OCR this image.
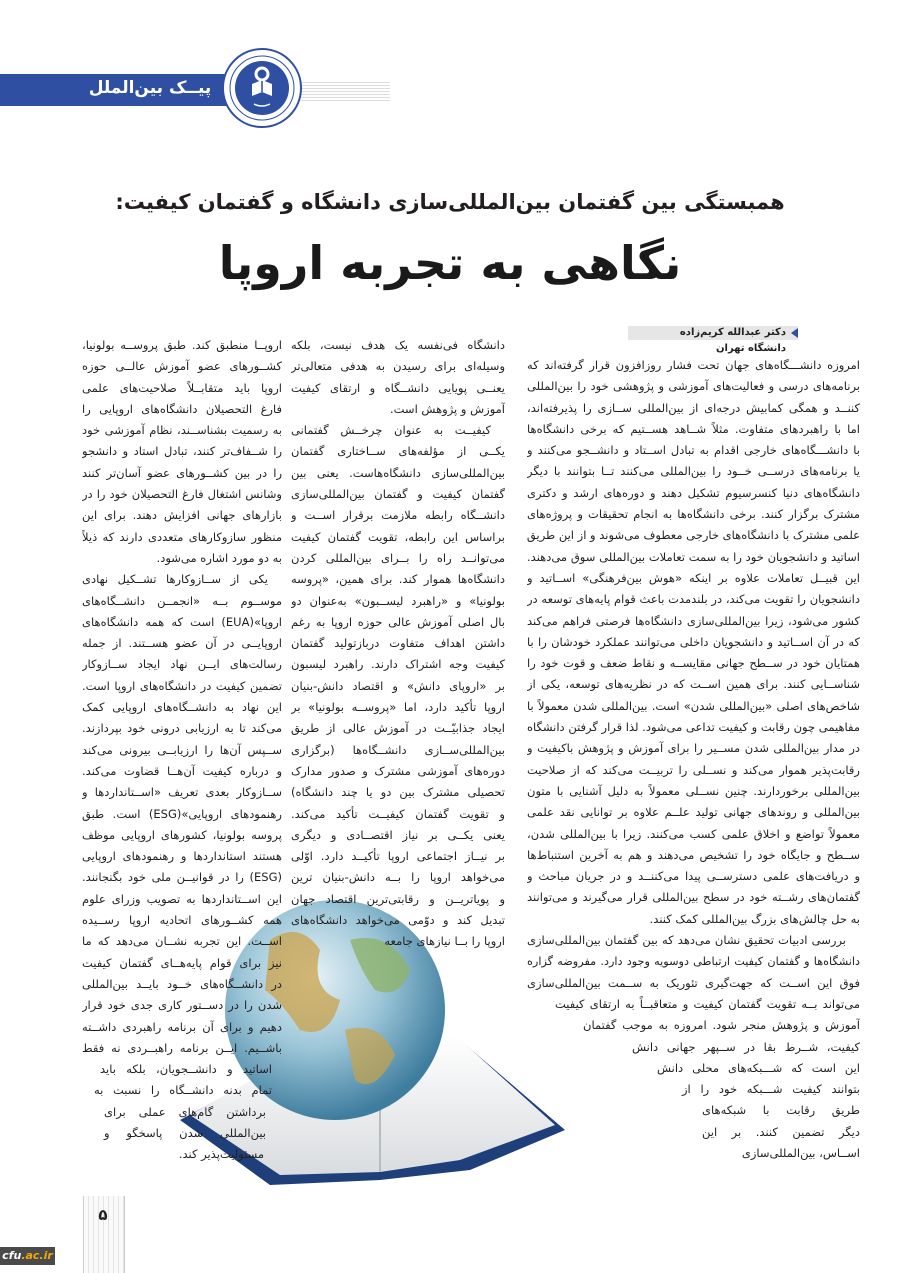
پیــک بین‌الملل
همبستگی بین گفتمان بین‌المللی‌سازی دانشگاه و گفتمان کیفیت:
نگاهی به تجربه اروپا
دکتر عبدالله کریم‌زاده
دانشگاه تهران
امروزه دانشـــگاه‌های جهان تحت فشار روزافزون قرار گرفته‌اند که
برنامه‌های درسی و فعالیت‌های آموزشی و پژوهشی خود را بین‌المللی
کننــد و همگی کمابیش درجه‌ای از بین‌المللی ســازی را پذیرفته‌اند،
اما با راهبردهای متفاوت. مثلاً شــاهد هســتیم که برخی دانشگاه‌ها
با دانشـــگاه‌های خارجی اقدام به تبادل اســتاد و دانشــجو می‌کنند و
یا برنامه‌های درســی خــود را بین‌المللی می‌کنند تــا بتوانند با دیگر
دانشگاه‌های دنیا کنسرسیوم تشکیل دهند و دوره‌های ارشد و دکتری
مشترک برگزار کنند. برخی دانشگاه‌ها به انجام تحقیقات و پروژه‌های
علمی مشترک با دانشگاه‌های خارجی معطوف می‌شوند و از این طریق
اساتید و دانشجویان خود را به سمت تعاملات بین‌المللی سوق می‌دهند.
این قبیــل تعاملات علاوه بر اینکه «هوش بین‌فرهنگی» اســاتید و
دانشجویان را تقویت می‌کند، در بلندمدت باعث قوام پایه‌های توسعه در
کشور می‌شود، زیرا بین‌المللی‌سازی دانشگاه‌ها فرصتی فراهم می‌کند
که در آن اســاتید و دانشجویان داخلی می‌توانند عملکرد خودشان را با
همتایان خود در ســطح جهانی مقایســه و نقاط ضعف و قوت خود را
شناســایی کنند. برای همین اســت که در نظریه‌های توسعه، یکی از
شاخص‌های اصلی «بین‌المللی شدن» است. بین‌المللی شدن معمولاً با
مفاهیمی چون رقابت و کیفیت تداعی می‌شود. لذا قرار گرفتن دانشگاه
در مدار بین‌المللی شدن مســیر را برای آموزش و پژوهش باکیفیت و
رقابت‌پذیر هموار می‌کند و نســلی را تربیــت می‌کند که از صلاحیت
بین‌المللی برخوردارند. چنین نســلی معمولاً به دلیل آشنایی با متون
بین‌المللی و روندهای جهانی تولید علــم علاوه بر توانایی نقد علمی
معمولاً تواضع و اخلاق علمی کسب می‌کنند. زیرا با بین‌المللی شدن،
ســطح و جایگاه خود را تشخیص می‌دهند و هم به آخرین استنباط‌ها
و دریافت‌های علمی دسترســی پیدا می‌کننــد و در جریان مباحث و
گفتمان‌های رشــته خود در سطح بین‌المللی قرار می‌گیرند و می‌توانند
به حل چالش‌های بزرگ بین‌المللی کمک کنند.
بررسی ادبیات تحقیق نشان می‌دهد که بین گفتمان بین‌المللی‌سازی
دانشگاه‌ها و گفتمان کیفیت ارتباطی دوسویه وجود دارد. مفروضه گزاره
فوق این اســت که جهت‌گیری تئوریک به ســمت بین‌المللی‌سازی
می‌تواند بــه تقویت گفتمان کیفیت و متعاقبــاً به ارتقای کیفیت
آموزش و پژوهش منجر شود. امروزه به موجب گفتمان
کیفیت، شــرط بقا در ســپهر جهانی دانش
این است که شـــبکه‌های محلی دانش
بتوانند کیفیت شـــبکه خود را از
طریق رقابت با شبکه‌های
دیگر تضمین کنند. بر این
اســاس، بین‌المللی‌سازی
دانشگاه فی‌نفسه یک هدف نیست، بلکه
وسیله‌ای برای رسیدن به هدفی متعالی‌تر
یعنــی پویایی دانشــگاه و ارتقای کیفیت
آموزش و پژوهش است.
کیفیــت به عنوان چرخــش گفتمانی
یکــی از مؤلفه‌های ســاختاری گفتمان
بین‌المللی‌سازی دانشگاه‌هاست. یعنی بین
گفتمان کیفیت و گفتمان بین‌المللی‌سازی
دانشــگاه رابطه ملازمت برقرار اســت و
براساس این رابطه، تقویت گفتمان کیفیت
می‌توانــد راه را بــرای بین‌المللی کردن
دانشگاه‌ها هموار کند. برای همین، «پروسه
بولونیا» و «راهبرد لیســبون» به‌عنوان دو
بال اصلی آموزش عالی حوزه اروپا به رغم
داشتن اهداف متفاوت دربازتولید گفتمان
کیفیت وجه اشتراک دارند. راهبرد لیسبون
بر «اروپای دانش» و اقتصاد دانش-بنیان
اروپا تأکید دارد، اما «پروســه بولونیا» بر
ایجاد جذابیّــت در آموزش عالی از طریق
بین‌المللی‌ســازی دانشــگاه‌ها (برگزاری
دوره‌های آموزشی مشترک و صدور مدارک
تحصیلی مشترک بین دو یا چند دانشگاه)
و تقویت گفتمان کیفیــت تأکید می‌کند.
یعنی یکــی بر نیاز اقتصــادی و دیگری
بر نیــاز اجتماعی اروپا تأکیــد دارد. اوّلی
می‌خواهد اروپا را بــه دانش-بنیان ترین
و پویاتریــن و رقابتی‌ترین اقتصاد جهان
تبدیل کند و دوّمی می‌خواهد دانشگاه‌های
اروپا را بــا نیازهای جامعه
اروپــا منطبق کند. طبق پروســه بولونیا،
کشــورهای عضو آموزش عالــی حوزه
اروپا باید متقابــلاً صلاحیت‌های علمی
فارغ التحصیلان دانشگاه‌های اروپایی را
به رسمیت بشناســند، نظام آموزشی خود
را شــفاف‌تر کنند، تبادل استاد و دانشجو
را در بین کشــورهای عضو آسان‌تر کنند
وشانس اشتغال فارغ التحصیلان خود را در
بازارهای جهانی افزایش دهند. برای این
منظور سازوکارهای متعددی دارند که ذیلاً
به دو مورد اشاره می‌شود.
یکی از ســازوکارها تشــکیل نهادی
موســوم بــه «انجمــن دانشــگاه‌های
اروپا»(EUA) است که همه دانشگاه‌های
اروپایــی در آن عضو هســتند. از جمله
رسالت‌های ایــن نهاد ایجاد ســازوکار
تضمین کیفیت در دانشگاه‌های اروپا است.
این نهاد به دانشــگاه‌های اروپایی کمک
می‌کند تا به ارزیابی درونی خود بپردازند.
ســپس آن‌ها را ارزیابــی بیرونی می‌کند
و درباره کیفیت آن‌هــا قضاوت می‌کند.
ســازوکار بعدی تعریف «اســتانداردها و
رهنمودهای اروپایی»(ESG) است. طبق
پروسه بولونیا، کشورهای اروپایی موظف
هستند استانداردها و رهنمودهای اروپایی
(ESG) را در قوانیــن ملی خود بگنجانند.
این اســتانداردها به تصویب وزرای علوم
همه کشــورهای اتحادیه اروپا رســیده
اســت. این تجربه نشــان می‌دهد که ما
نیز برای قوام پایه‌هــای گفتمان کیفیت
در دانشــگاه‌های خــود بایــد بین‌المللی
شدن را در دســتور کاری جدی خود قرار
دهیم و برای آن برنامه راهبردی داشــته
باشــیم. ایــن برنامه راهبــردی نه فقط
اساتید و دانشــجویان، بلکه باید
تمام بدنه دانشــگاه را نسبت به
برداشتن گام‌های عملی برای
بین‌المللی شدن پاسخگو و
مسئولیت‌پذیر کند.
۵
cfu.ac.ir
